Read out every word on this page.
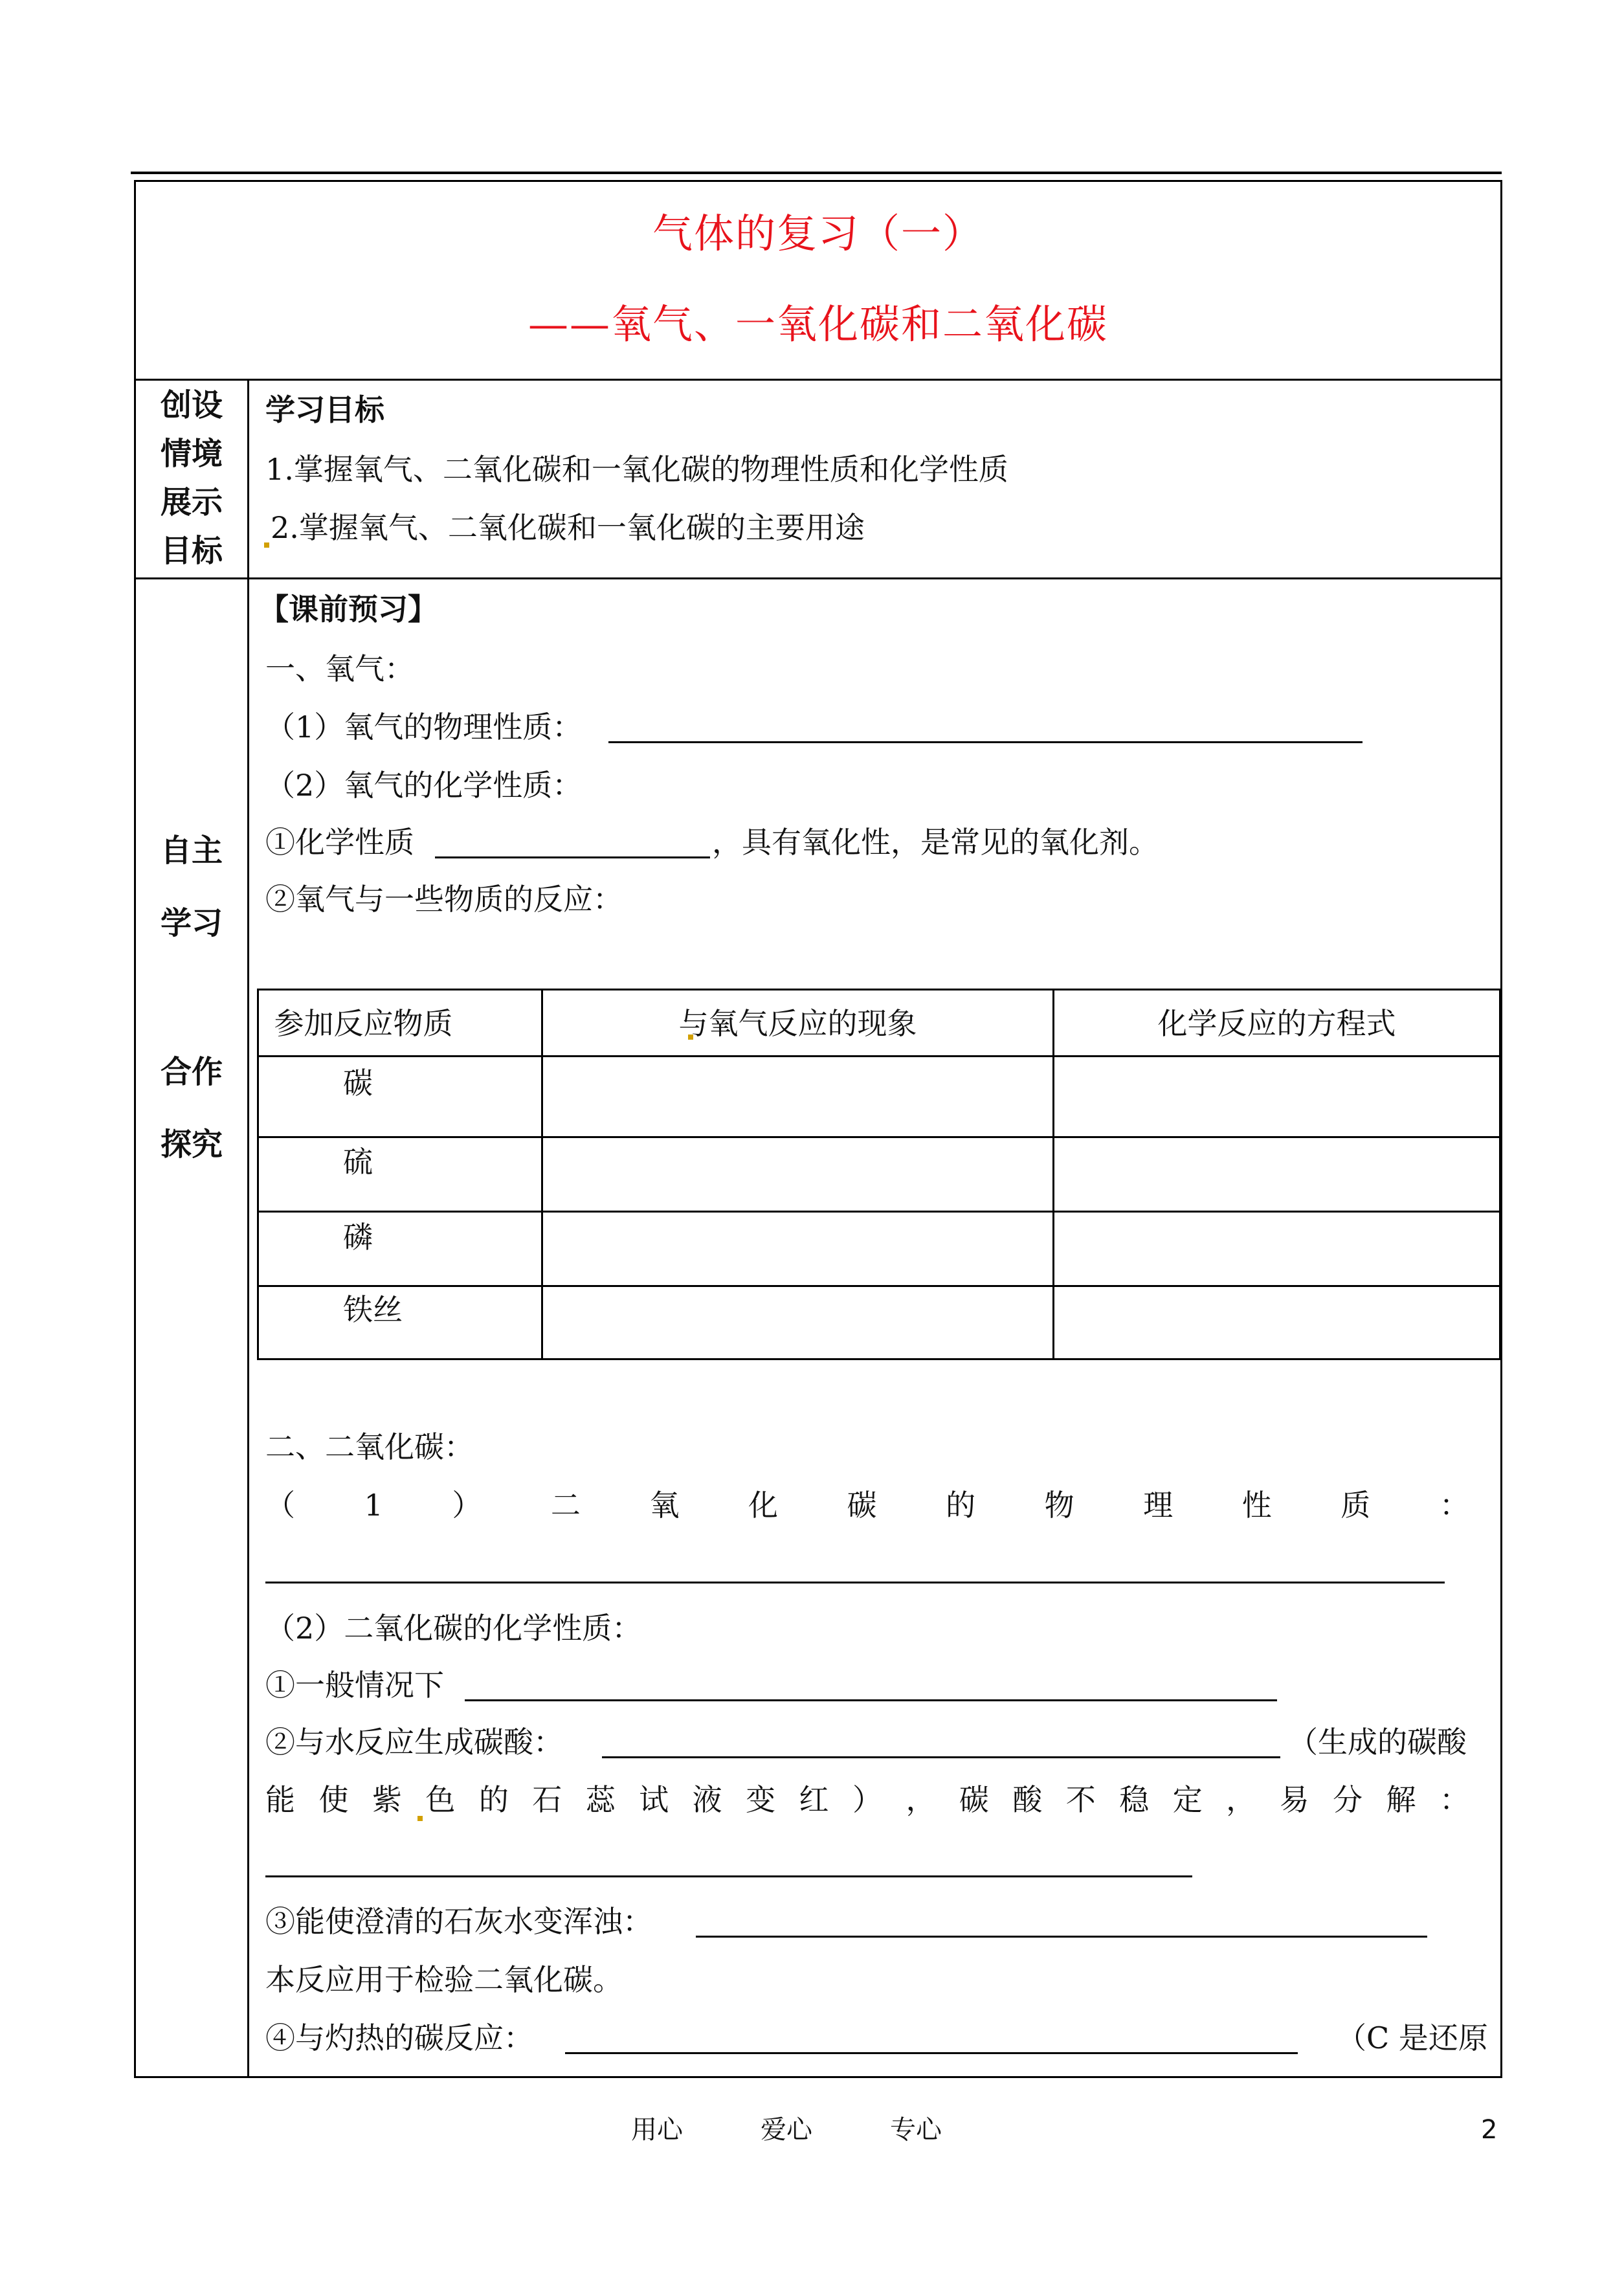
气体的复习（一）
——氧气、一氧化碳和二氧化碳
创设
情境
展示
目标
学习目标
1.掌握氧气、二氧化碳和一氧化碳的物理性质和化学性质
2.掌握氧气、二氧化碳和一氧化碳的主要用途
自主
学习
合作
探究
【课前预习】
一、氧气：
（1）氧气的物理性质：
（2）氧气的化学性质：
①化学性质	，具有氧化性，是常见的氧化剂。
②氧气与一些物质的反应：
参加反应物质	与氧气反应的现象	化学反应的方程式
碳
硫
磷
铁丝
二、二氧化碳：
（ 1 ） 二 氧 化 碳 的 物 理 性 质 ：
（2）二氧化碳的化学性质：
①一般情况下
②与水反应生成碳酸：	（生成的碳酸
能 使 紫 色 的 石 蕊 试 液 变 红 ） ， 碳 酸 不 稳 定 ， 易 分 解 ：
③能使澄清的石灰水变浑浊：
本反应用于检验二氧化碳。
④与灼热的碳反应：	（C 是还原
用心	爱心	专心	2
